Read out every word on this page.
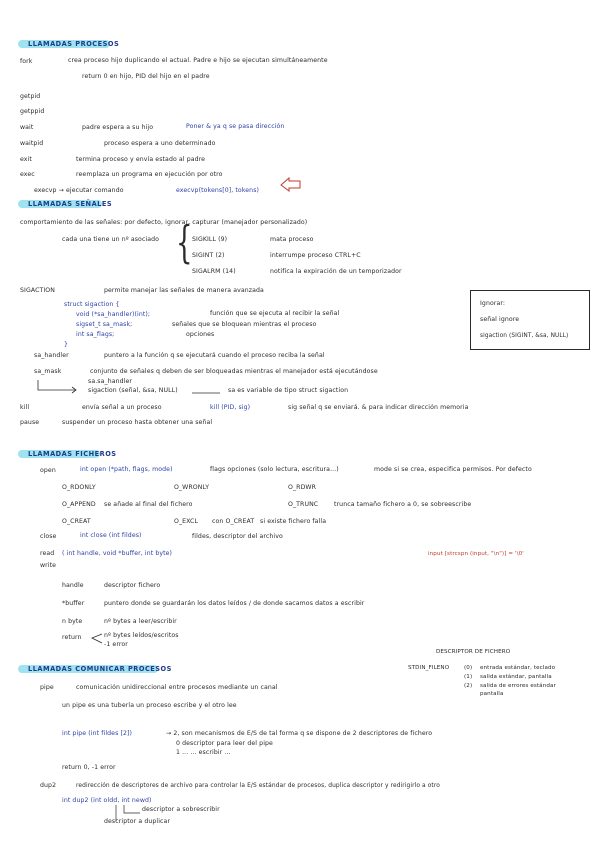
LLAMADAS PROCESOS
fork	crea proceso hijo duplicando el actual. Padre e hijo se ejecutan simultáneamente
return 0 en hijo, PID del hijo en el padre
getpid
getppid
wait	padre espera a su hijo	Poner & ya q se pasa dirección
waitpid	proceso espera a uno determinado
exit	termina proceso y envía estado al padre
exec	reemplaza un programa en ejecución por otro
execvp → ejecutar comando	execvp(tokens[0], tokens)
LLAMADAS SEÑALES
comportamiento de las señales: por defecto, ignorar, capturar (manejador personalizado)
cada una tiene un nº asociado { SIGKILL (9)	mata proceso
SIGINT (2)	interrumpe proceso CTRL+C
SIGALRM (14)	notifica la expiración de un temporizador
SIGACTION	permite manejar las señales de manera avanzada
struct sigaction {
void (*sa_handler)(int);	función que se ejecuta al recibir la señal
sigset_t sa_mask;	señales que se bloquean mientras el proceso
int sa_flags;	opciones
}
Ignorar:
señal ignore
sigaction (SIGINT, &sa, NULL)
sa_handler	puntero a la función q se ejecutará cuando el proceso reciba la señal
sa_mask	conjunto de señales q deben de ser bloqueadas mientras el manejador está ejecutándose
sa.sa_handler
sigaction (señal, &sa, NULL)	sa es variable de tipo struct sigaction
kill	envía señal a un proceso	kill (PID, sig)	sig señal q se enviará. & para indicar dirección memoria
pause	suspender un proceso hasta obtener una señal
LLAMADAS FICHEROS
open	int open (*path, flags, mode)	flags opciones (solo lectura, escritura...)	mode si se crea, especifica permisos. Por defecto
O_RDONLY	O_WRONLY	O_RDWR
O_APPEND se añade al final del fichero	O_TRUNC	trunca tamaño fichero a 0, se sobreescribe
O_CREAT	O_EXCL con O_CREAT si existe fichero falla
close	int close (int fildes)	fildes, descriptor del archivo
read
write
( int handle, void *buffer, int byte)	input [strcspn (input, "\n")] = '\0'
handle	descriptor fichero
*buffer	puntero donde se guardarán los datos leídos / de donde sacamos datos a escribir
n byte	nº bytes a leer/escribir
return	nº bytes leídos/escritos
-1 error
DESCRIPTOR DE FICHERO
STDIN_FILENO	(0) entrada estándar, teclado
(1) salida estándar, pantalla
(2) salida de errores estándar
pantalla
LLAMADAS COMUNICAR PROCESOS
pipe	comunicación unidireccional entre procesos mediante un canal
un pipe es una tubería un proceso escribe y el otro lee
int pipe (int fildes [2])	→ 2, son mecanismos de E/S de tal forma q se dispone de 2 descriptores de fichero
0 descriptor para leer del pipe
1 ... ... escribir ...
return 0, -1 error
dup2	redirección de descriptores de archivo para controlar la E/S estándar de procesos, duplica descriptor y redirigirlo a otro
int dup2 (int oldd, int newd)
descriptor a sobrescribir
descriptor a duplicar
